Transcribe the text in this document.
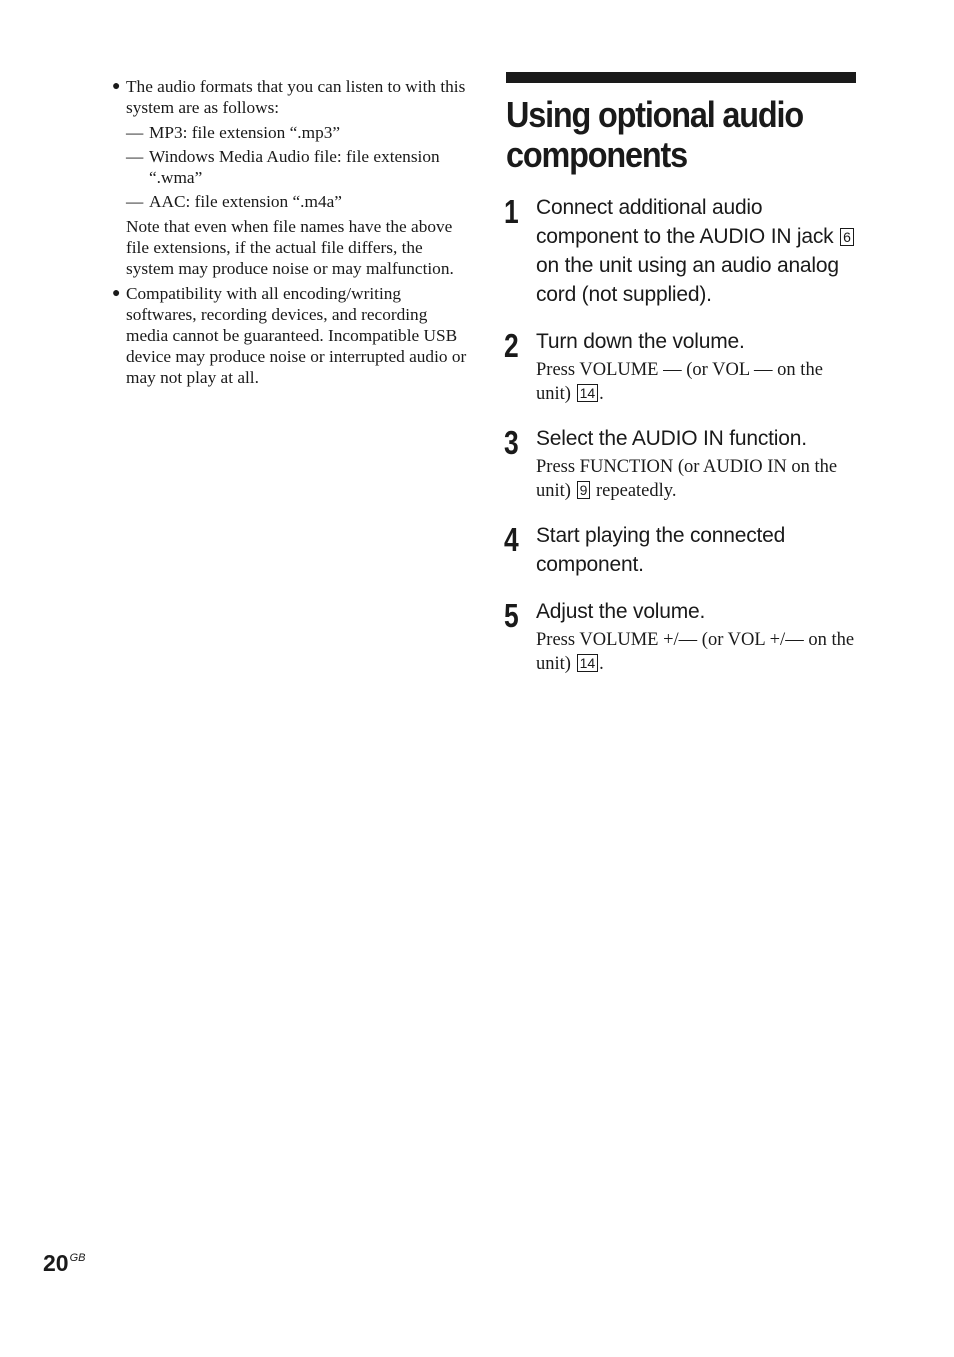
● The audio formats that you can listen to with this system are as follows:
— MP3: file extension “.mp3”
— Windows Media Audio file: file extension “.wma”
— AAC: file extension “.m4a”
Note that even when file names have the above file extensions, if the actual file differs, the system may produce noise or may malfunction.
● Compatibility with all encoding/writing softwares, recording devices, and recording media cannot be guaranteed. Incompatible USB device may produce noise or interrupted audio or may not play at all.
Using optional audio components
1 Connect additional audio component to the AUDIO IN jack 6 on the unit using an audio analog cord (not supplied).
2 Turn down the volume.
Press VOLUME — (or VOL — on the unit) 14 .
3 Select the AUDIO IN function.
Press FUNCTION (or AUDIO IN on the unit) 9 repeatedly.
4 Start playing the connected component.
5 Adjust the volume.
Press VOLUME +/— (or VOL +/— on the unit) 14 .
$20^{GB}$
